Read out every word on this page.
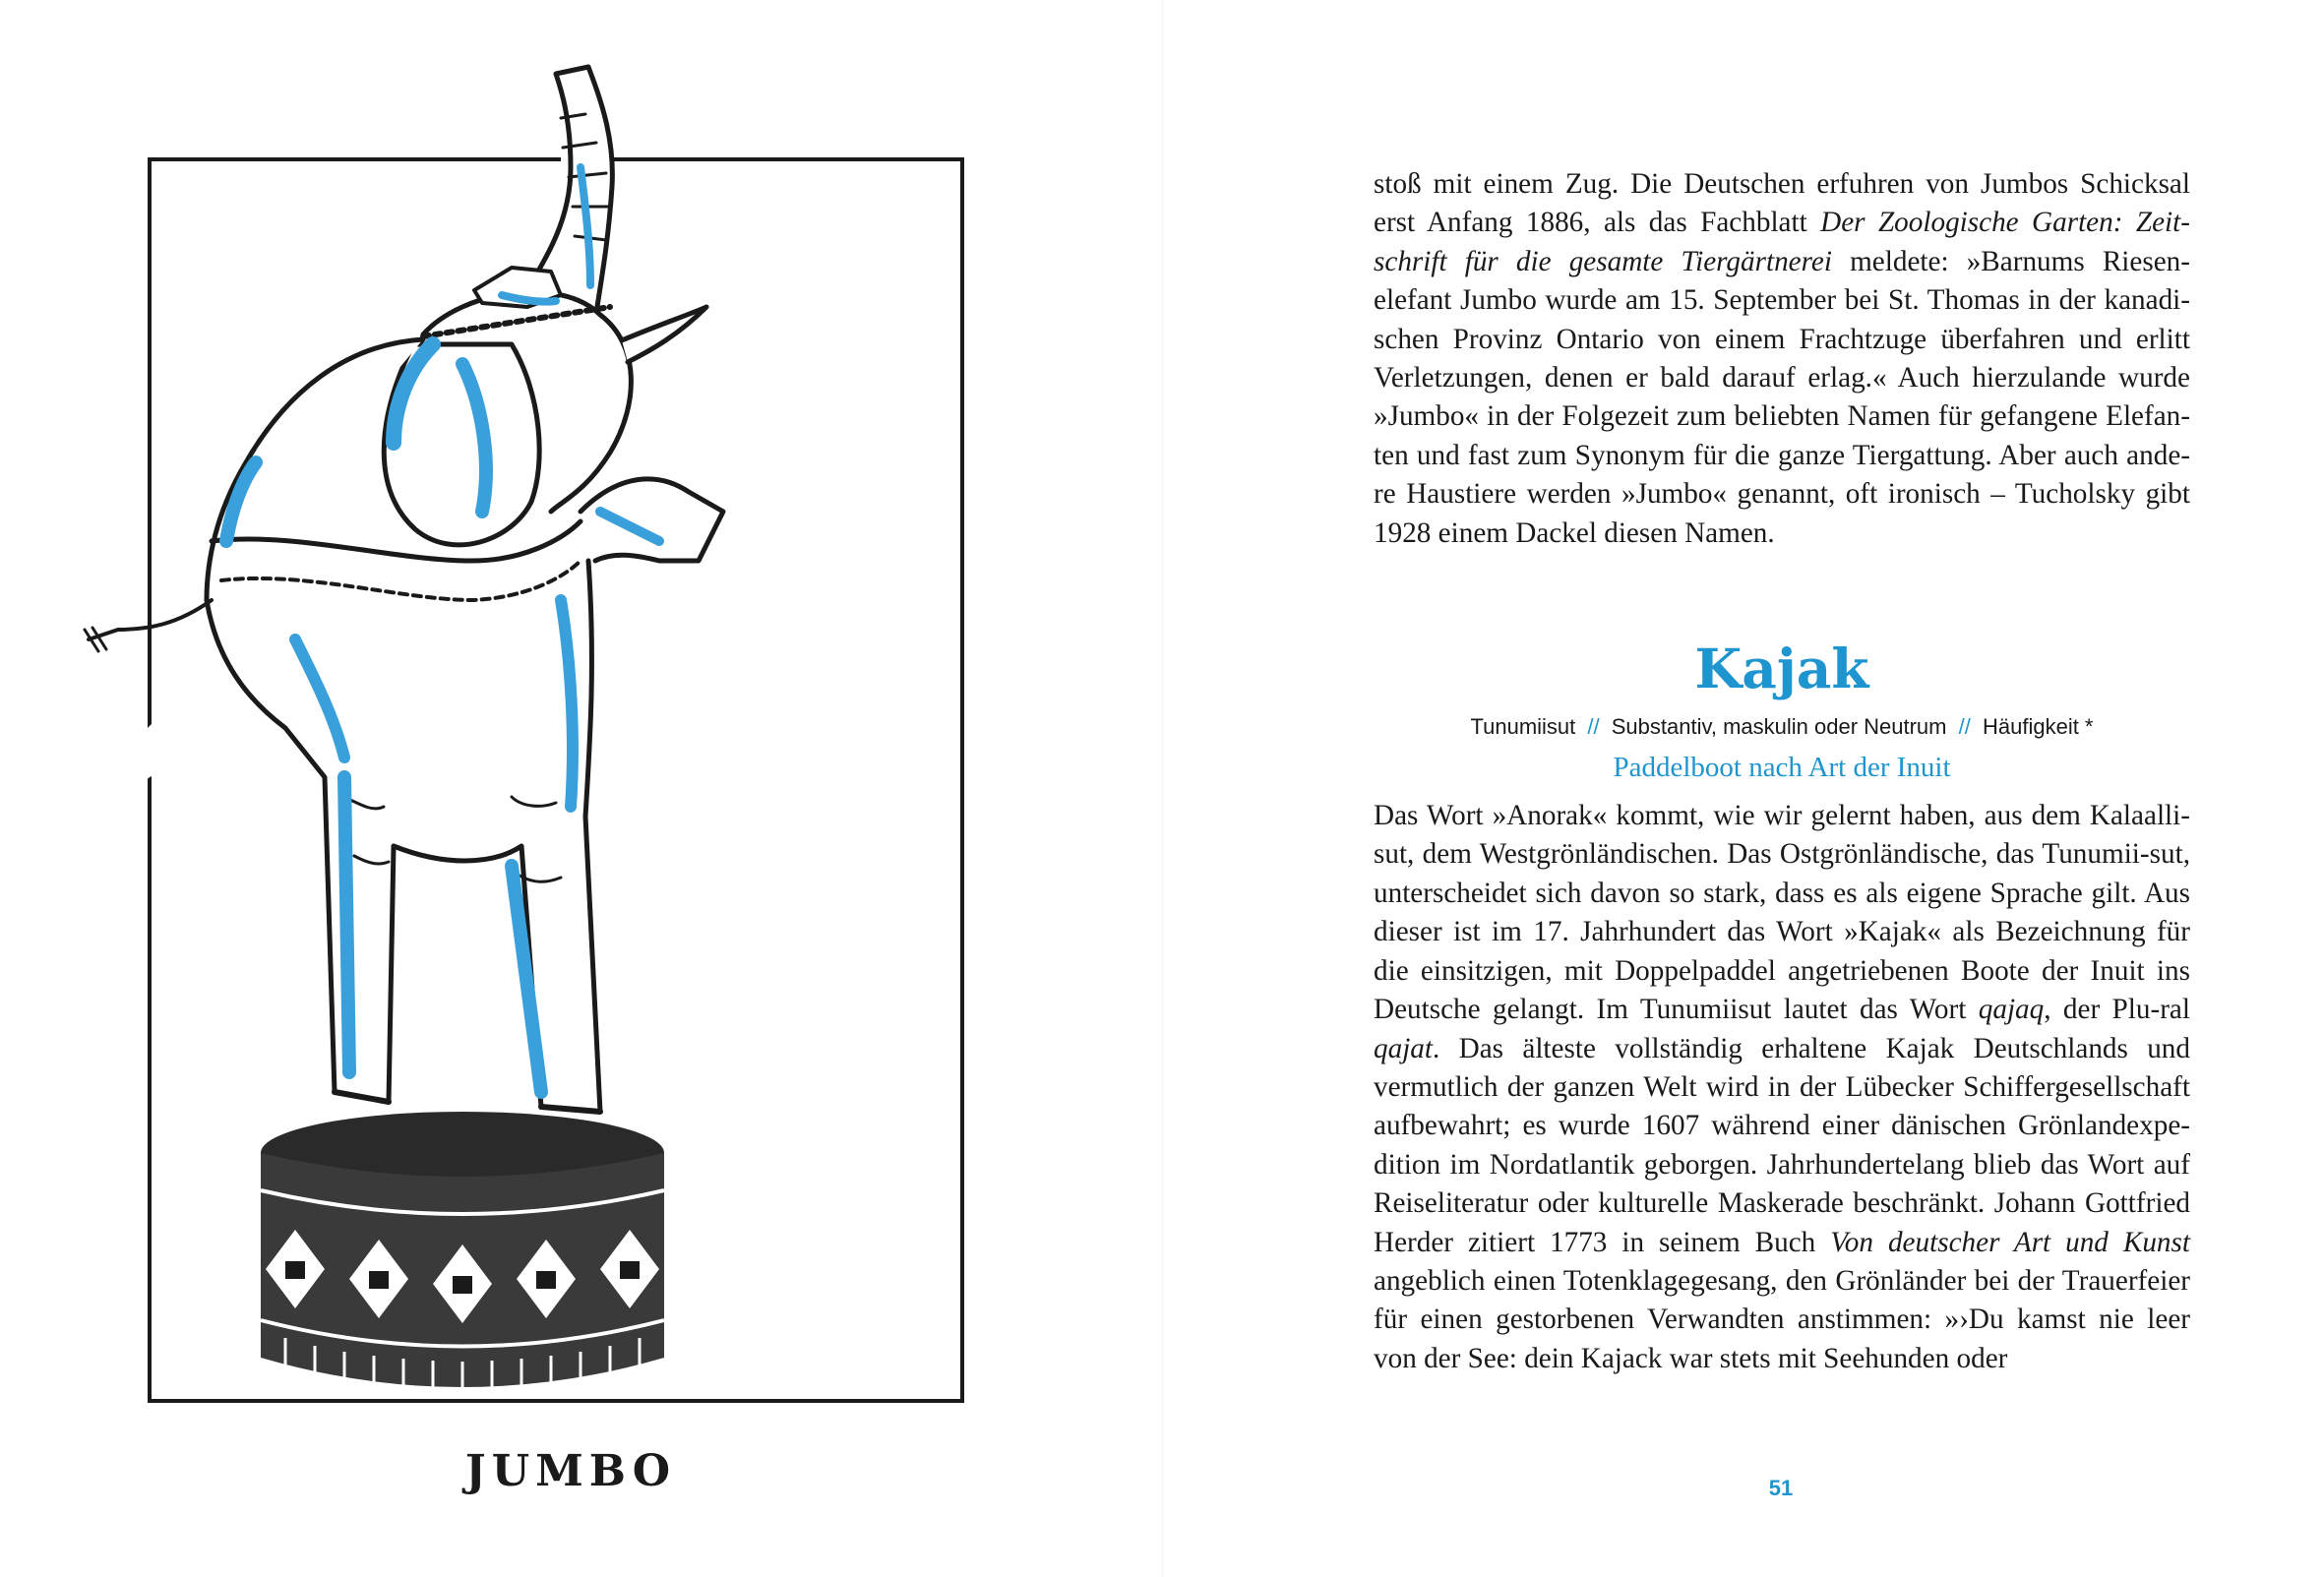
JUMBO

stoß mit einem Zug. Die Deutschen erfuhren von Jumbos Schicksal erst Anfang 1886, als das Fachblatt Der Zoologische Garten: Zeit- schrift für die gesamte Tiergärtnerei meldete: »Barnums Riesen- elefant Jumbo wurde am 15. September bei St. Thomas in der kanadi- schen Provinz Ontario von einem Frachtzuge überfahren und erlitt Verletzungen, denen er bald darauf erlag.« Auch hierzulande wurde »Jumbo« in der Folgezeit zum beliebten Namen für gefangene Elefan- ten und fast zum Synonym für die ganze Tiergattung. Aber auch ande- re Haustiere werden »Jumbo« genannt, oft ironisch – Tucholsky gibt 1928 einem Dackel diesen Namen.

Kajak
Tunumiisut // Substantiv, maskulin oder Neutrum // Häufigkeit *
Paddelboot nach Art der Inuit

Das Wort »Anorak« kommt, wie wir gelernt haben, aus dem Kalaalli-sut, dem Westgrönländischen. Das Ostgrönländische, das Tunumii-sut, unterscheidet sich davon so stark, dass es als eigene Sprache gilt. Aus dieser ist im 17. Jahrhundert das Wort »Kajak« als Bezeichnung für die einsitzigen, mit Doppelpaddel angetriebenen Boote der Inuit ins Deutsche gelangt. Im Tunumiisut lautet das Wort qajaq, der Plu-ral qajat. Das älteste vollständig erhaltene Kajak Deutschlands und vermutlich der ganzen Welt wird in der Lübecker Schiffergesellschaft aufbewahrt; es wurde 1607 während einer dänischen Grönlandexpe-dition im Nordatlantik geborgen. Jahrhundertelang blieb das Wort auf Reiseliteratur oder kulturelle Maskerade beschränkt. Johann Gottfried Herder zitiert 1773 in seinem Buch Von deutscher Art und Kunst angeblich einen Totenklagegesang, den Grönländer bei der Trauerfeier für einen gestorbenen Verwandten anstimmen: »›Du kamst nie leer von der See: dein Kajack war stets mit Seehunden oder

51
